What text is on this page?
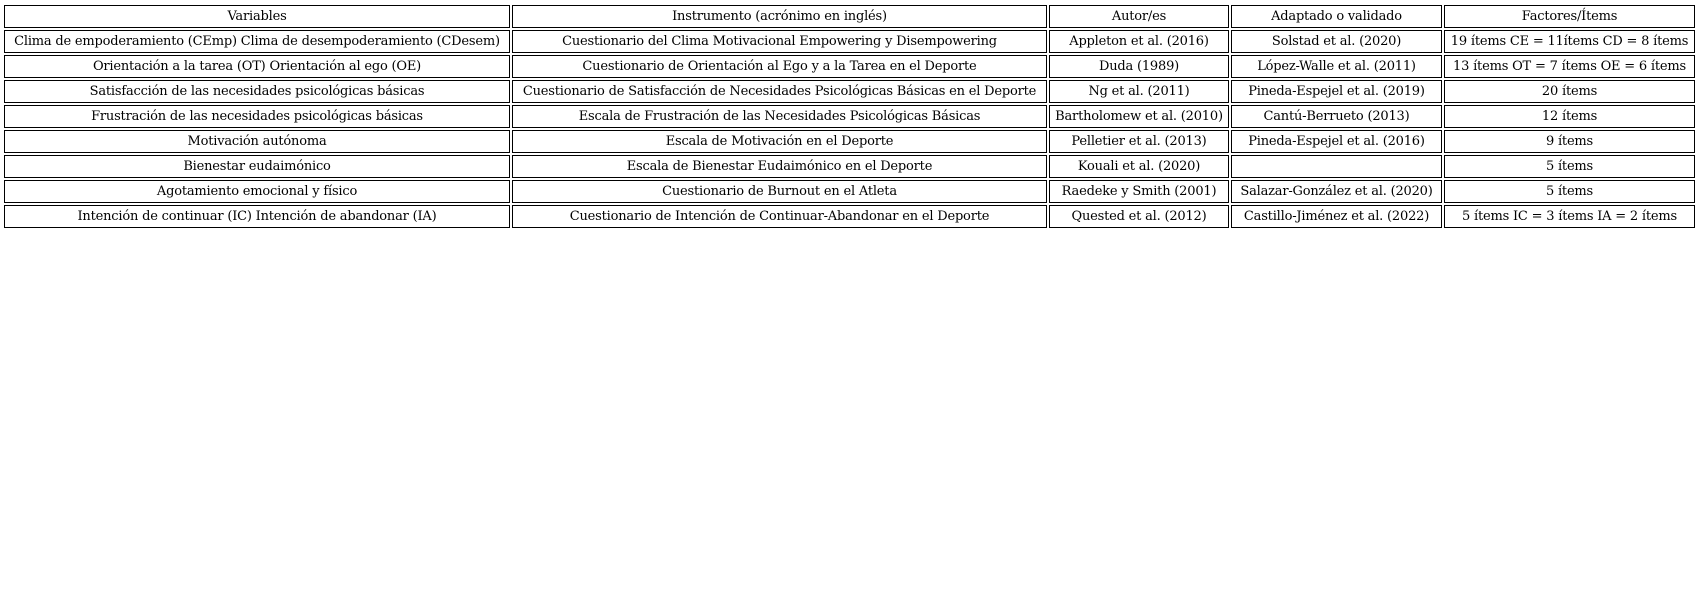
Variables	Instrumento (acrónimo en inglés)	Autor/es	Adaptado o validado	Factores/Ítems
Clima de empoderamiento (CEmp) Clima de desempoderamiento (CDesem)	Cuestionario del Clima Motivacional Empowering y Disempowering	Appleton et al. (2016)	Solstad et al. (2020)	19 ítems CE = 11ítems CD = 8 ítems
Orientación a la tarea (OT) Orientación al ego (OE)	Cuestionario de Orientación al Ego y a la Tarea en el Deporte	Duda (1989)	López-Walle et al. (2011)	13 ítems OT = 7 ítems OE = 6 ítems
Satisfacción de las necesidades psicológicas básicas	Cuestionario de Satisfacción de Necesidades Psicológicas Básicas en el Deporte	Ng et al. (2011)	Pineda-Espejel et al. (2019)	20 ítems
Frustración de las necesidades psicológicas básicas	Escala de Frustración de las Necesidades Psicológicas Básicas	Bartholomew et al. (2010)	Cantú-Berrueto (2013)	12 ítems
Motivación autónoma	Escala de Motivación en el Deporte	Pelletier et al. (2013)	Pineda-Espejel et al. (2016)	9 ítems
Bienestar eudaimónico	Escala de Bienestar Eudaimónico en el Deporte	Kouali et al. (2020)		5 ítems
Agotamiento emocional y físico	Cuestionario de Burnout en el Atleta	Raedeke y Smith (2001)	Salazar-González et al. (2020)	5 ítems
Intención de continuar (IC) Intención de abandonar (IA)	Cuestionario de Intención de Continuar-Abandonar en el Deporte	Quested et al. (2012)	Castillo-Jiménez et al. (2022)	5 ítems IC = 3 ítems IA = 2 ítems
